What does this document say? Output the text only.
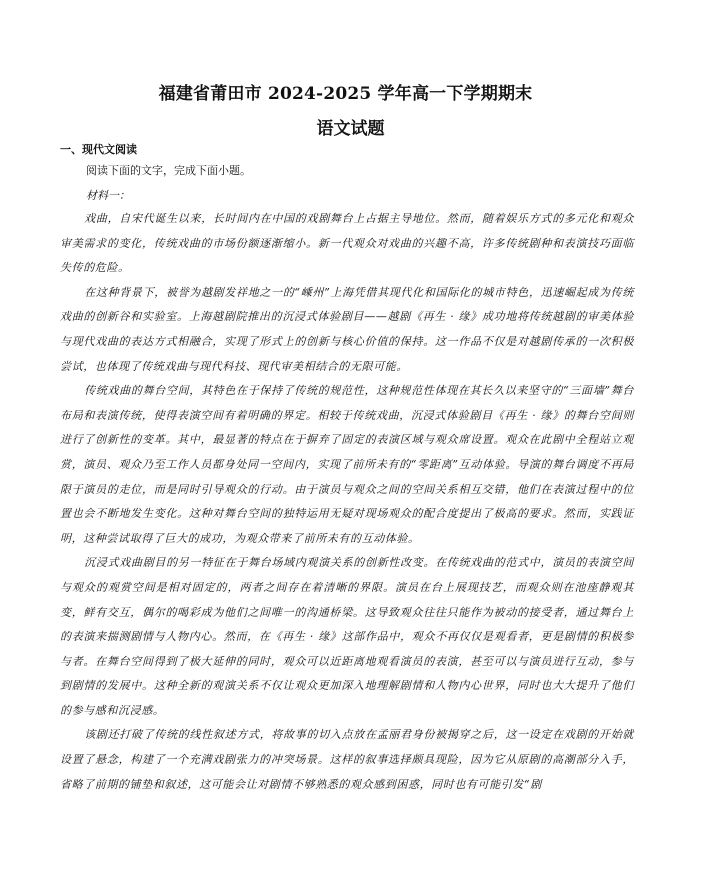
福建省莆田市 2024-2025 学年高一下学期期末
语文试题
一、现代文阅读
阅读下面的文字，完成下面小题。
材料一：

戏曲，自宋代诞生以来，长时间内在中国的戏剧舞台上占据主导地位。然而，随着娱乐方式的多元化和观众审美需求的变化，传统戏曲的市场份额逐渐缩小。新一代观众对戏曲的兴趣不高，许多传统剧种和表演技巧面临失传的危险。

在这种背景下，被誉为越剧发祥地之一的“嵊州”上海凭借其现代化和国际化的城市特色，迅速崛起成为传统戏曲的创新谷和实验室。上海越剧院推出的沉浸式体验剧目——越剧《再生 · 缘》成功地将传统越剧的审美体验与现代戏曲的表达方式相融合，实现了形式上的创新与核心价值的保持。这一作品不仅是对越剧传承的一次积极尝试，也体现了传统戏曲与现代科技、现代审美相结合的无限可能。

传统戏曲的舞台空间，其特色在于保持了传统的规范性，这种规范性体现在其长久以来坚守的“三面墙”舞台布局和表演传统，使得表演空间有着明确的界定。相较于传统戏曲，沉浸式体验剧目《再生 · 缘》的舞台空间则进行了创新性的变革。其中，最显著的特点在于摒弃了固定的表演区域与观众席设置。观众在此剧中全程站立观赏，演员、观众乃至工作人员都身处同一空间内，实现了前所未有的“零距离”互动体验。导演的舞台调度不再局限于演员的走位，而是同时引导观众的行动。由于演员与观众之间的空间关系相互交错，他们在表演过程中的位置也会不断地发生变化。这种对舞台空间的独特运用无疑对现场观众的配合度提出了极高的要求。然而，实践证明，这种尝试取得了巨大的成功，为观众带来了前所未有的互动体验。

沉浸式戏曲剧目的另一特征在于舞台场域内观演关系的创新性改变。在传统戏曲的范式中，演员的表演空间与观众的观赏空间是相对固定的，两者之间存在着清晰的界限。演员在台上展现技艺，而观众则在池座静观其变，鲜有交互，偶尔的喝彩成为他们之间唯一的沟通桥梁。这导致观众往往只能作为被动的接受者，通过舞台上的表演来揣测剧情与人物内心。然而，在《再生 · 缘》这部作品中，观众不再仅仅是观看者，更是剧情的积极参与者。在舞台空间得到了极大延伸的同时，观众可以近距离地观看演员的表演，甚至可以与演员进行互动，参与到剧情的发展中。这种全新的观演关系不仅让观众更加深入地理解剧情和人物内心世界，同时也大大提升了他们的参与感和沉浸感。

该剧还打破了传统的线性叙述方式，将故事的切入点放在孟丽君身份被揭穿之后，这一设定在戏剧的开始就设置了悬念，构建了一个充满戏剧张力的冲突场景。这样的叙事选择颇具现险，因为它从原剧的高潮部分入手，省略了前期的铺垫和叙述，这可能会让对剧情不够熟悉的观众感到困惑，同时也有可能引发“剧
